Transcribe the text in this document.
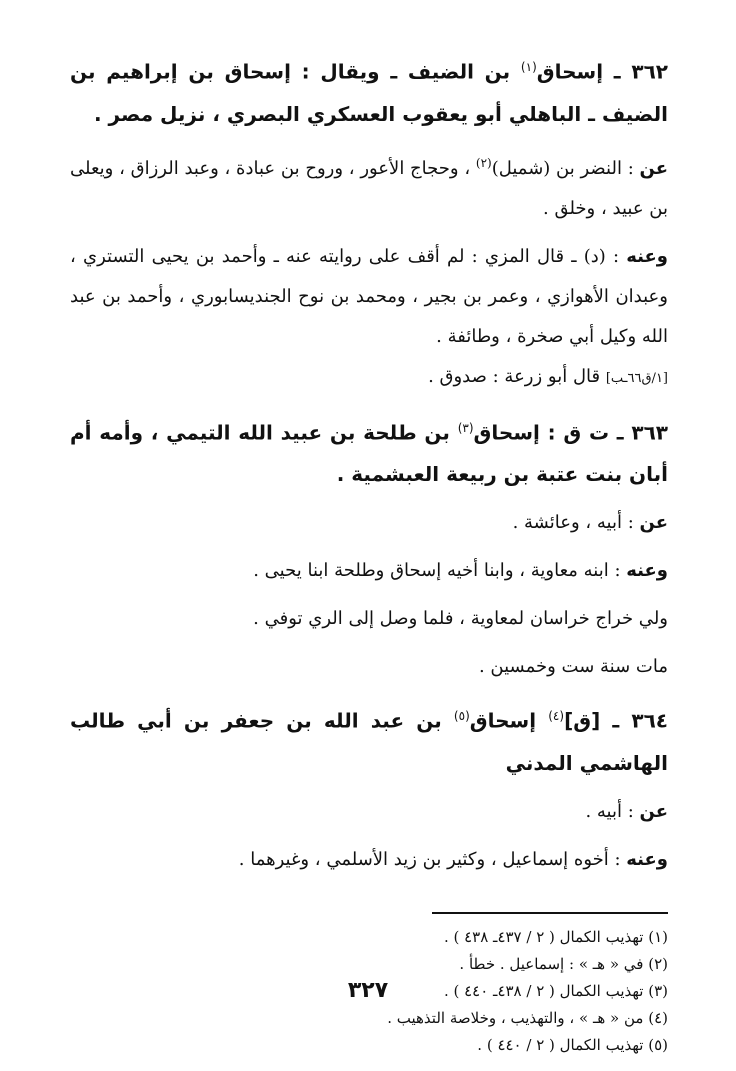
٣٦٢ ـ إسحاق$^{(١)}$ بن الضيف ـ ويقال : إسحاق بن إبراهيم بن الضيف ـ الباهلي أبو يعقوب العسكري البصري ، نزيل مصر .

عن : النضر بن (شميل)$^{(٢)}$ ، وحجاج الأعور ، وروح بن عبادة ، وعبد الرزاق ، ويعلى بن عبيد ، وخلق .

وعنه : (د) ـ قال المزي : لم أقف على روايته عنه ـ وأحمد بن يحيى التستري ، وعبدان الأهوازي ، وعمر بن بجير ، ومحمد بن نوح الجنديسابوري ، وأحمد بن عبد الله وكيل أبي صخرة ، وطائفة .

[١/ق٦٦ـب] قال أبو زرعة : صدوق .

٣٦٣ ـ ت ق : إسحاق$^{(٣)}$ بن طلحة بن عبيد الله التيمي ، وأمه أم أبان بنت عتبة بن ربيعة العبشمية .

عن : أبيه ، وعائشة .

وعنه : ابنه معاوية ، وابنا أخيه إسحاق وطلحة ابنا يحيى .

ولي خراج خراسان لمعاوية ، فلما وصل إلى الري توفي .

مات سنة ست وخمسين .

٣٦٤ ـ [ق]$^{(٤)}$ إسحاق$^{(٥)}$ بن عبد الله بن جعفر بن أبي طالب الهاشمي المدني

عن : أبيه .

وعنه : أخوه إسماعيل ، وكثير بن زيد الأسلمي ، وغيرهما .

(١) تهذيب الكمال ( ٢ / ٤٣٧ـ ٤٣٨ ) .

(٢) في « هـ » : إسماعيل . خطأ .

(٣) تهذيب الكمال ( ٢ / ٤٣٨ـ ٤٤٠ ) .

(٤) من « هـ » ، والتهذيب ، وخلاصة التذهيب .

(٥) تهذيب الكمال ( ٢ / ٤٤٠ ) .

٣٢٧
